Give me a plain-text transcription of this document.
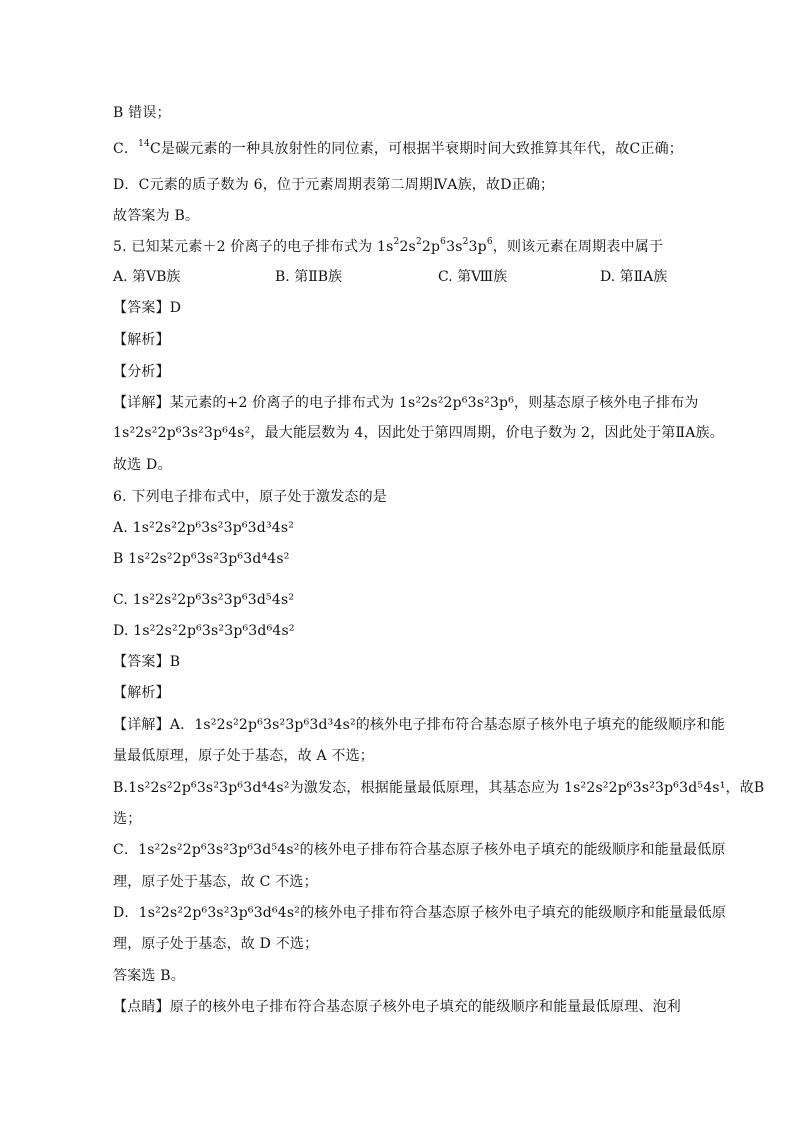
B 错误；
C．$^{14}$C是碳元素的一种具放射性的同位素，可根据半衰期时间大致推算其年代，故C正确；
D．C元素的质子数为 6，位于元素周期表第二周期ⅣA族，故D正确；
故答案为 B。
5. 已知某元素＋2 价离子的电子排布式为 $1s^22s^22p^63s^23p^6$，则该元素在周期表中属于
A. 第ⅤB族	B. 第ⅡB族	C. 第Ⅷ族	D. 第ⅡA族
【答案】D
【解析】
【分析】
【详解】某元素的+2 价离子的电子排布式为 1s²2s²2p⁶3s²3p⁶，则基态原子核外电子排布为
1s²2s²2p⁶3s²3p⁶4s²，最大能层数为 4，因此处于第四周期，价电子数为 2，因此处于第ⅡA族。
故选 D。
6. 下列电子排布式中，原子处于激发态的是
A. 1s²2s²2p⁶3s²3p⁶3d³4s²
B 1s²2s²2p⁶3s²3p⁶3d⁴4s²
C. 1s²2s²2p⁶3s²3p⁶3d⁵4s²
D. 1s²2s²2p⁶3s²3p⁶3d⁶4s²
【答案】B
【解析】
【详解】A．1s²2s²2p⁶3s²3p⁶3d³4s²的核外电子排布符合基态原子核外电子填充的能级顺序和能
量最低原理，原子处于基态，故 A 不选；
B.1s²2s²2p⁶3s²3p⁶3d⁴4s²为激发态，根据能量最低原理，其基态应为 1s²2s²2p⁶3s²3p⁶3d⁵4s¹，故B
选；
C．1s²2s²2p⁶3s²3p⁶3d⁵4s²的核外电子排布符合基态原子核外电子填充的能级顺序和能量最低原
理，原子处于基态，故 C 不选；
D．1s²2s²2p⁶3s²3p⁶3d⁶4s²的核外电子排布符合基态原子核外电子填充的能级顺序和能量最低原
理，原子处于基态，故 D 不选；
答案选 B。
【点睛】原子的核外电子排布符合基态原子核外电子填充的能级顺序和能量最低原理、泡利
